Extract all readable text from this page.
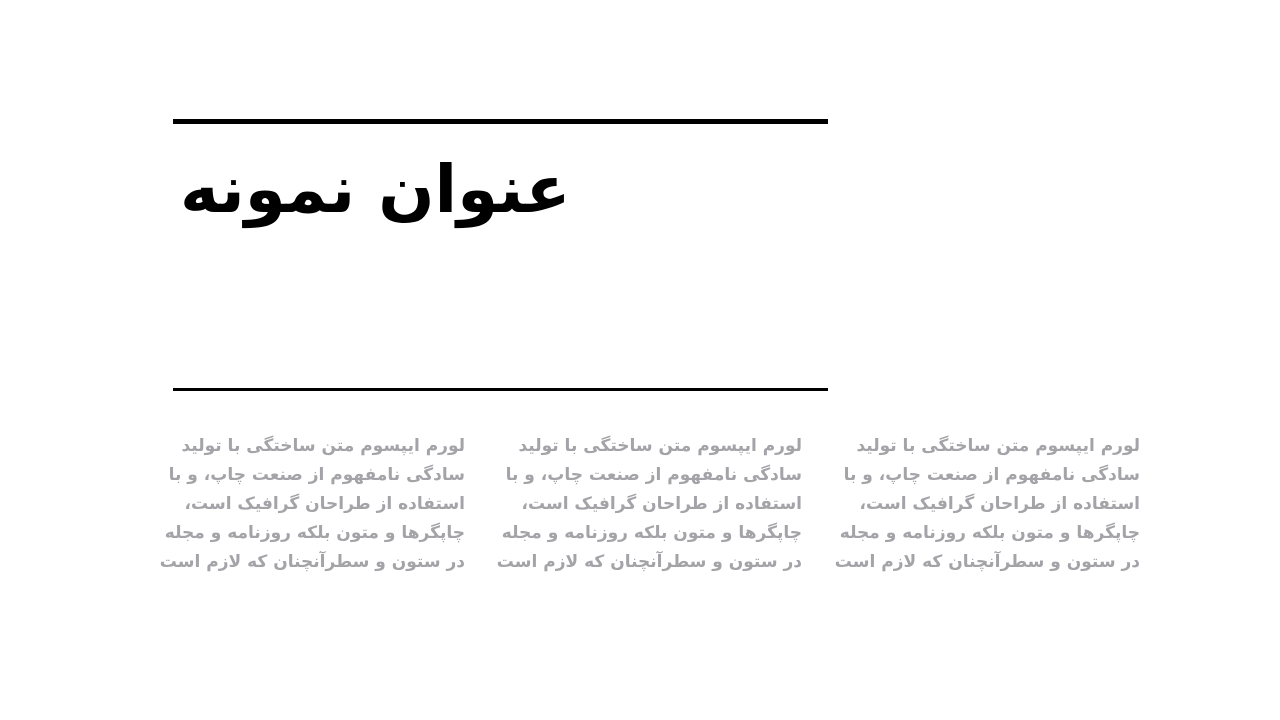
عنوان نمونه
لورم ایپسوم متن ساختگی با تولید
سادگی نامفهوم از صنعت چاپ، و با
استفاده از طراحان گرافیک است،
چاپگرها و متون بلکه روزنامه و مجله
در ستون و سطرآنچنان که لازم است
لورم ایپسوم متن ساختگی با تولید
سادگی نامفهوم از صنعت چاپ، و با
استفاده از طراحان گرافیک است،
چاپگرها و متون بلکه روزنامه و مجله
در ستون و سطرآنچنان که لازم است
لورم ایپسوم متن ساختگی با تولید
سادگی نامفهوم از صنعت چاپ، و با
استفاده از طراحان گرافیک است،
چاپگرها و متون بلکه روزنامه و مجله
در ستون و سطرآنچنان که لازم است
